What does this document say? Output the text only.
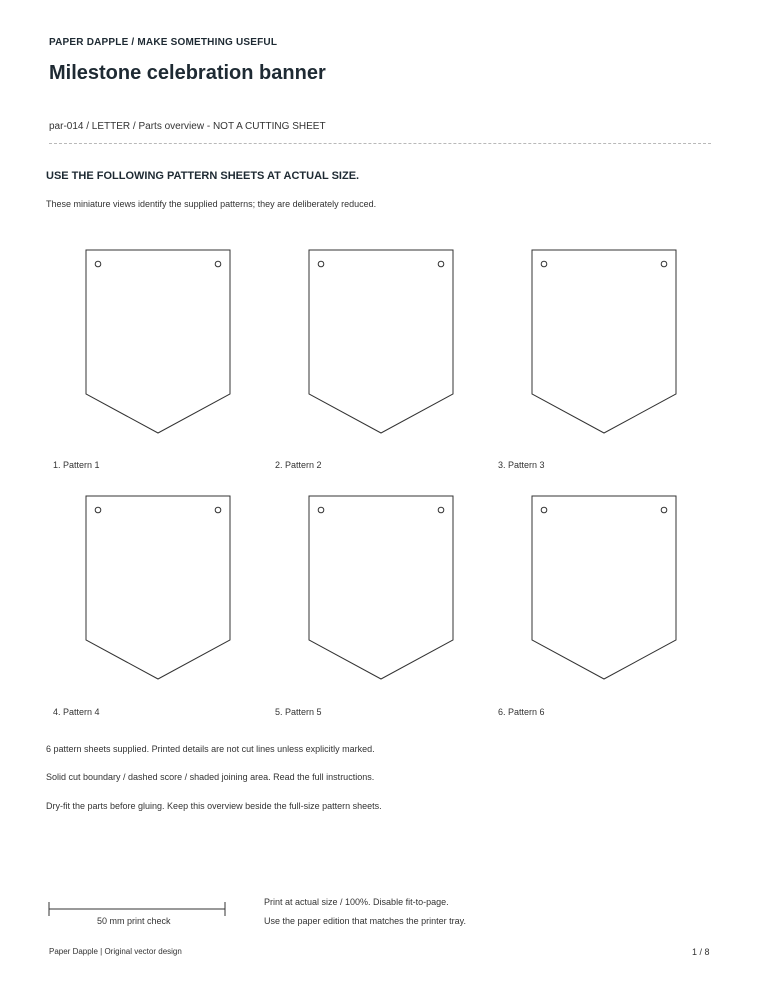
PAPER DAPPLE / MAKE SOMETHING USEFUL
Milestone celebration banner
par-014 / LETTER / Parts overview - NOT A CUTTING SHEET
USE THE FOLLOWING PATTERN SHEETS AT ACTUAL SIZE.
These miniature views identify the supplied patterns; they are deliberately reduced.
1. Pattern 1	2. Pattern 2	3. Pattern 3
4. Pattern 4	5. Pattern 5	6. Pattern 6
6 pattern sheets supplied. Printed details are not cut lines unless explicitly marked.
Solid cut boundary / dashed score / shaded joining area. Read the full instructions.
Dry-fit the parts before gluing. Keep this overview beside the full-size pattern sheets.
50 mm print check
Print at actual size / 100%. Disable fit-to-page.
Use the paper edition that matches the printer tray.
Paper Dapple | Original vector design	1 / 8
